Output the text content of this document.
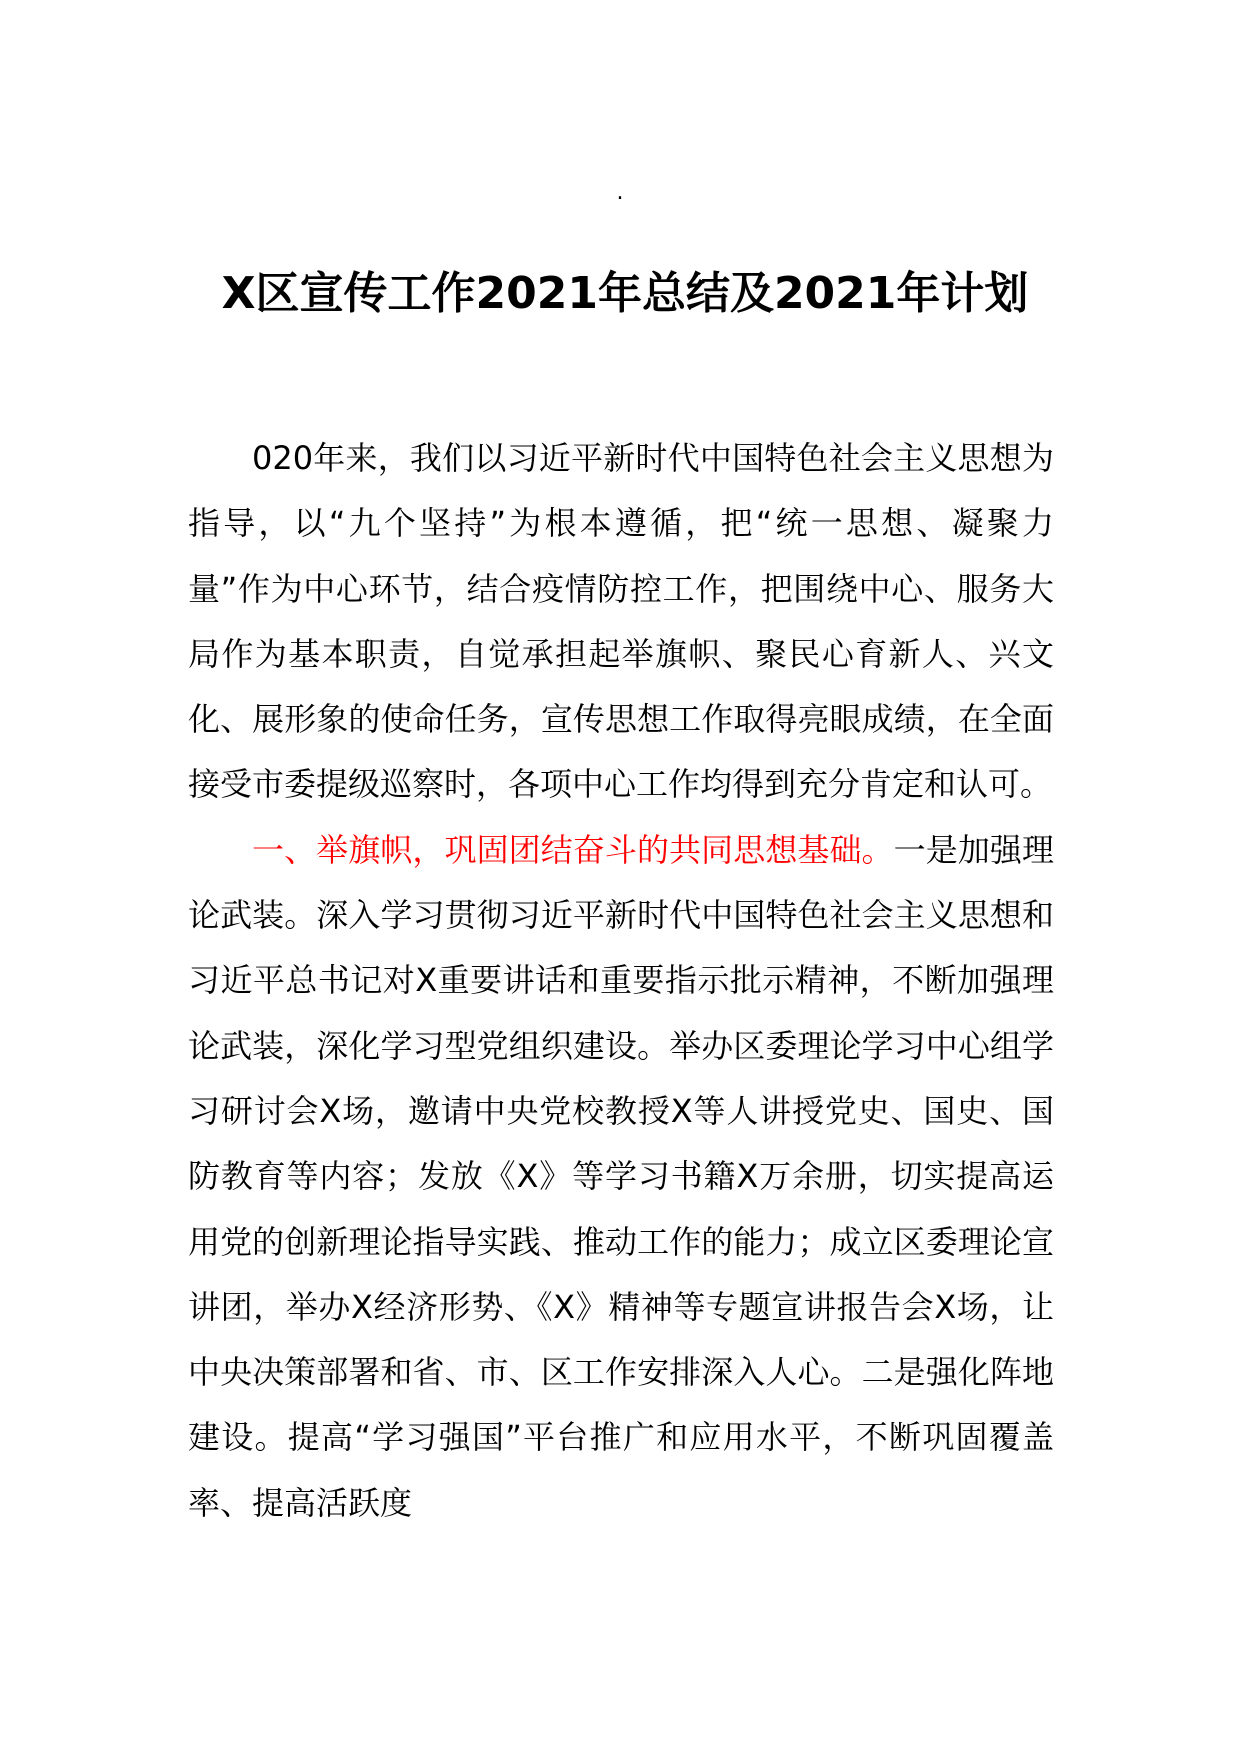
.
X区宣传工作2021年总结及2021年计划

020年来，我们以习近平新时代中国特色社会主义思想为指导，以“九个坚持”为根本遵循，把“统一思想、凝聚力量”作为中心环节，结合疫情防控工作，把围绕中心、服务大局作为基本职责，自觉承担起举旗帜、聚民心育新人、兴文化、展形象的使命任务，宣传思想工作取得亮眼成绩，在全面接受市委提级巡察时，各项中心工作均得到充分肯定和认可。

一、举旗帜，巩固团结奋斗的共同思想基础。一是加强理论武装。深入学习贯彻习近平新时代中国特色社会主义思想和习近平总书记对X重要讲话和重要指示批示精神，不断加强理论武装，深化学习型党组织建设。举办区委理论学习中心组学习研讨会X场，邀请中央党校教授X等人讲授党史、国史、国防教育等内容；发放《X》等学习书籍X万余册，切实提高运用党的创新理论指导实践、推动工作的能力；成立区委理论宣讲团，举办X经济形势、《X》精神等专题宣讲报告会X场，让中央决策部署和省、市、区工作安排深入人心。二是强化阵地建设。提高“学习强国”平台推广和应用水平，不断巩固覆盖率、提高活跃度
